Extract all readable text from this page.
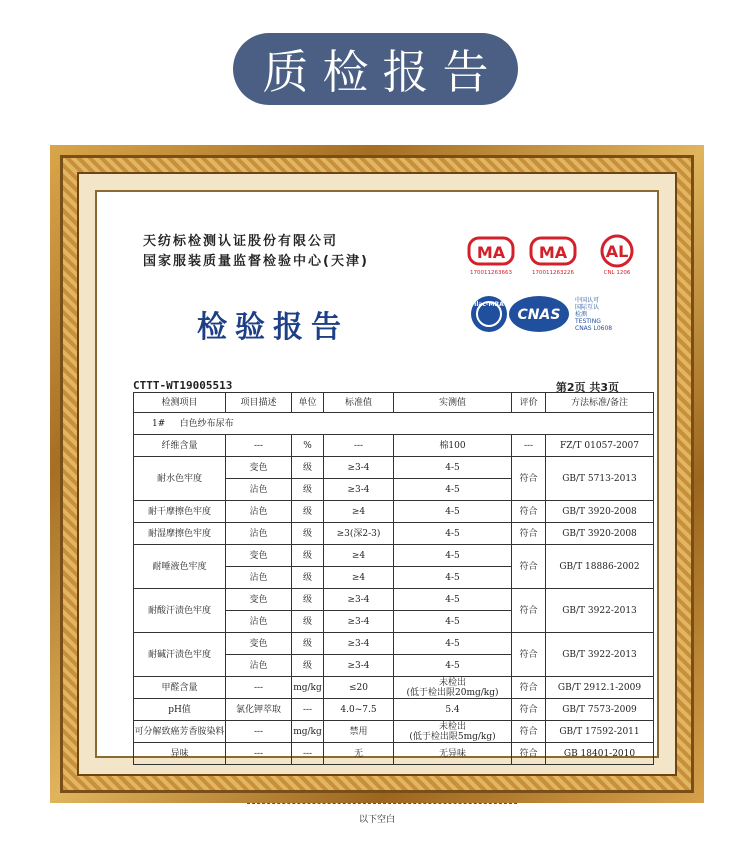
质检报告
天纺标检测认证股份有限公司
国家服装质量监督检验中心(天津)
检验报告
MA
170011263663
MA
170011263226
AL
CNL 1206
ilac-MRA
CNAS
中国认可
国际互认
检测
TESTING
CNAS L0608
CTTT-WT19005513	第2页 共3页
检测项目	项目描述	单位	标准值	实测值	评价	方法标准/备注
1# 白色纱布尿布						
纤维含量	---	%	---	棉100	---	FZ/T 01057-2007
耐水色牢度	变色	级	≥3-4	4-5	符合	GB/T 5713-2013
	沾色	级	≥3-4	4-5		
耐干摩擦色牢度	沾色	级	≥4	4-5	符合	GB/T 3920-2008
耐湿摩擦色牢度	沾色	级	≥3(深2-3)	4-5	符合	GB/T 3920-2008
耐唾液色牢度	变色	级	≥4	4-5	符合	GB/T 18886-2002
	沾色	级	≥4	4-5		
耐酸汗渍色牢度	变色	级	≥3-4	4-5	符合	GB/T 3922-2013
	沾色	级	≥3-4	4-5		
耐碱汗渍色牢度	变色	级	≥3-4	4-5	符合	GB/T 3922-2013
	沾色	级	≥3-4	4-5		
甲醛含量	---	mg/kg	≤20	未检出
(低于检出限20mg/kg)	符合	GB/T 2912.1-2009
pH值	氯化钾萃取	---	4.0~7.5	5.4	符合	GB/T 7573-2009
可分解致癌芳香胺染料	---	mg/kg	禁用	未检出
(低于检出限5mg/kg)	符合	GB/T 17592-2011
异味	---	---	无	无异味	符合	GB 18401-2010
以下空白
